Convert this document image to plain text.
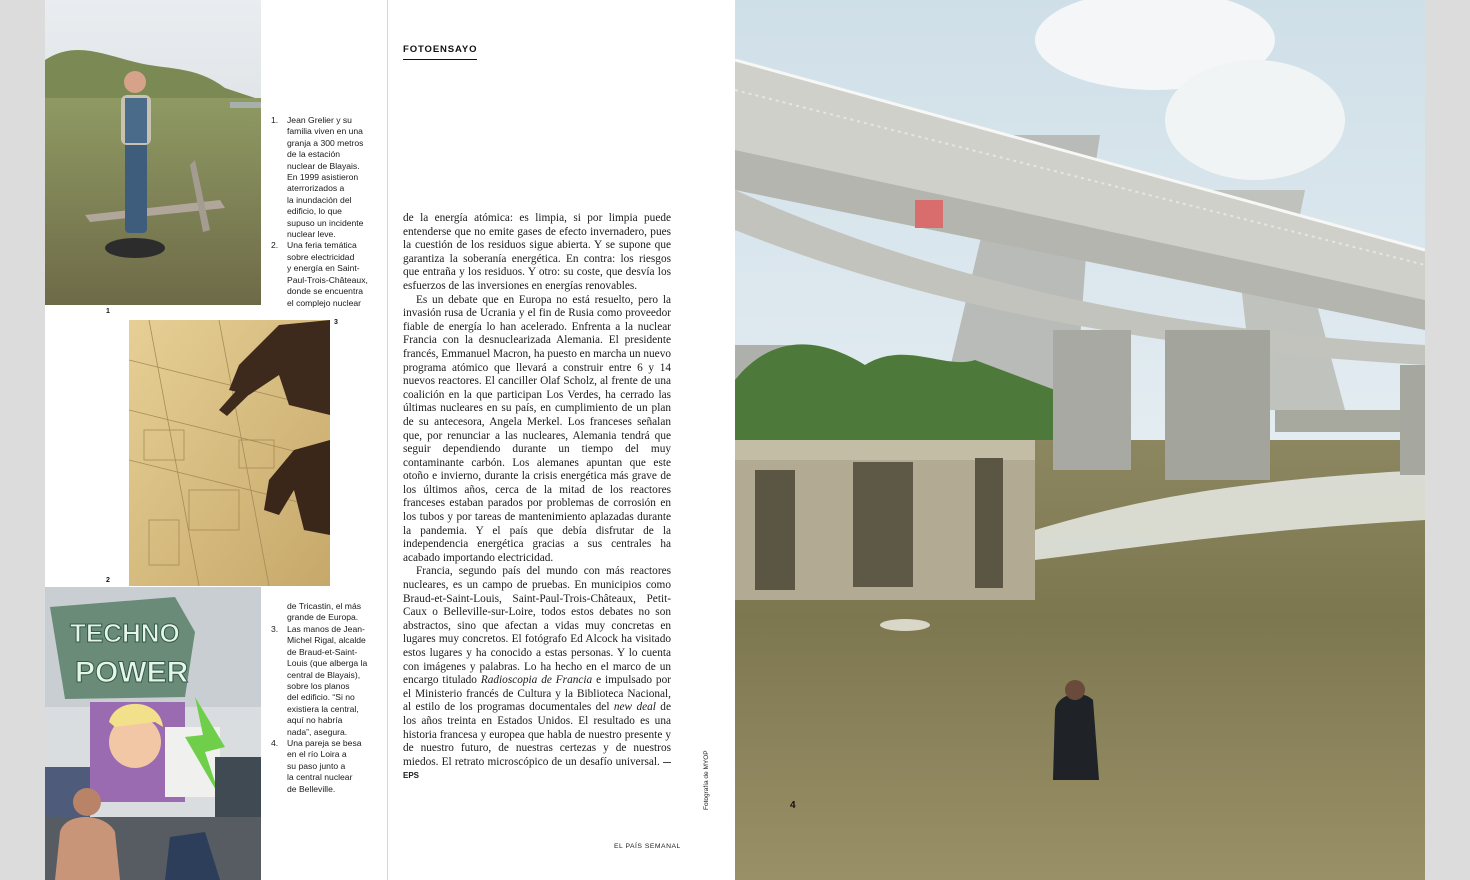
1
3
2
TECHNO
POWER
4
1. Jean Grelier y su
familia viven en una
granja a 300 metros
de la estación
nuclear de Blayais.
En 1999 asistieron
aterrorizados a
la inundación del
edificio, lo que
supuso un incidente
nuclear leve.
2. Una feria temática
sobre electricidad
y energía en Saint-
Paul-Trois-Châteaux,
donde se encuentra
el complejo nuclear
de Tricastin, el más
grande de Europa.
3. Las manos de Jean-
Michel Rigal, alcalde
de Braud-et-Saint-
Louis (que alberga la
central de Blayais),
sobre los planos
del edificio. “Si no
existiera la central,
aquí no habría
nada”, asegura.
4. Una pareja se besa
en el río Loira a
su paso junto a
la central nuclear
de Belleville.
FOTOENSAYO

de la energía atómica: es limpia, si por limpia puede entenderse que no emite gases de efecto invernadero, pues la cuestión de los residuos sigue abierta. Y se supone que garantiza la soberanía energética. En contra: los riesgos que entraña y los residuos. Y otro: su coste, que desvía los esfuerzos de las inversiones en energías renovables.

Es un debate que en Europa no está resuelto, pero la invasión rusa de Ucrania y el fin de Rusia como proveedor fiable de energía lo han acelerado. Enfrenta a la nuclear Francia con la desnuclearizada Alemania. El presidente francés, Emmanuel Macron, ha puesto en marcha un nuevo programa atómico que llevará a construir entre 6 y 14 nuevos reactores. El canciller Olaf Scholz, al frente de una coalición en la que participan Los Verdes, ha cerrado las últimas nucleares en su país, en cumplimiento de un plan de su antecesora, Angela Merkel. Los franceses señalan que, por renunciar a las nucleares, Alemania tendrá que seguir dependiendo durante un tiempo del muy contaminante carbón. Los alemanes apuntan que este otoño e invierno, durante la crisis energética más grave de los últimos años, cerca de la mitad de los reactores franceses estaban parados por problemas de corrosión en los tubos y por tareas de mantenimiento aplazadas durante la pandemia. Y el país que debía disfrutar de la independencia energética gracias a sus centrales ha acabado importando electricidad.

Francia, segundo país del mundo con más reactores nucleares, es un campo de pruebas. En municipios como Braud-et-Saint-Louis, Saint-Paul-Trois-Châteaux, Petit-Caux o Belleville-sur-Loire, todos estos debates no son abstractos, sino que afectan a vidas muy concretas en lugares muy concretos. El fotógrafo Ed Alcock ha visitado estos lugares y ha conocido a estas personas. Y lo cuenta con imágenes y palabras. Lo ha hecho en el marco de un encargo titulado Radioscopia de Francia e impulsado por el Ministerio francés de Cultura y la Biblioteca Nacional, al estilo de los programas documentales del new deal de los años treinta en Estados Unidos. El resultado es una historia francesa y europea que habla de nuestro presente y de nuestro futuro, de nuestras certezas y de nuestros miedos. El retrato microscópico de un desafío universal. —EPS	Fotografía de MYOP
EL PAÍS SEMANAL
